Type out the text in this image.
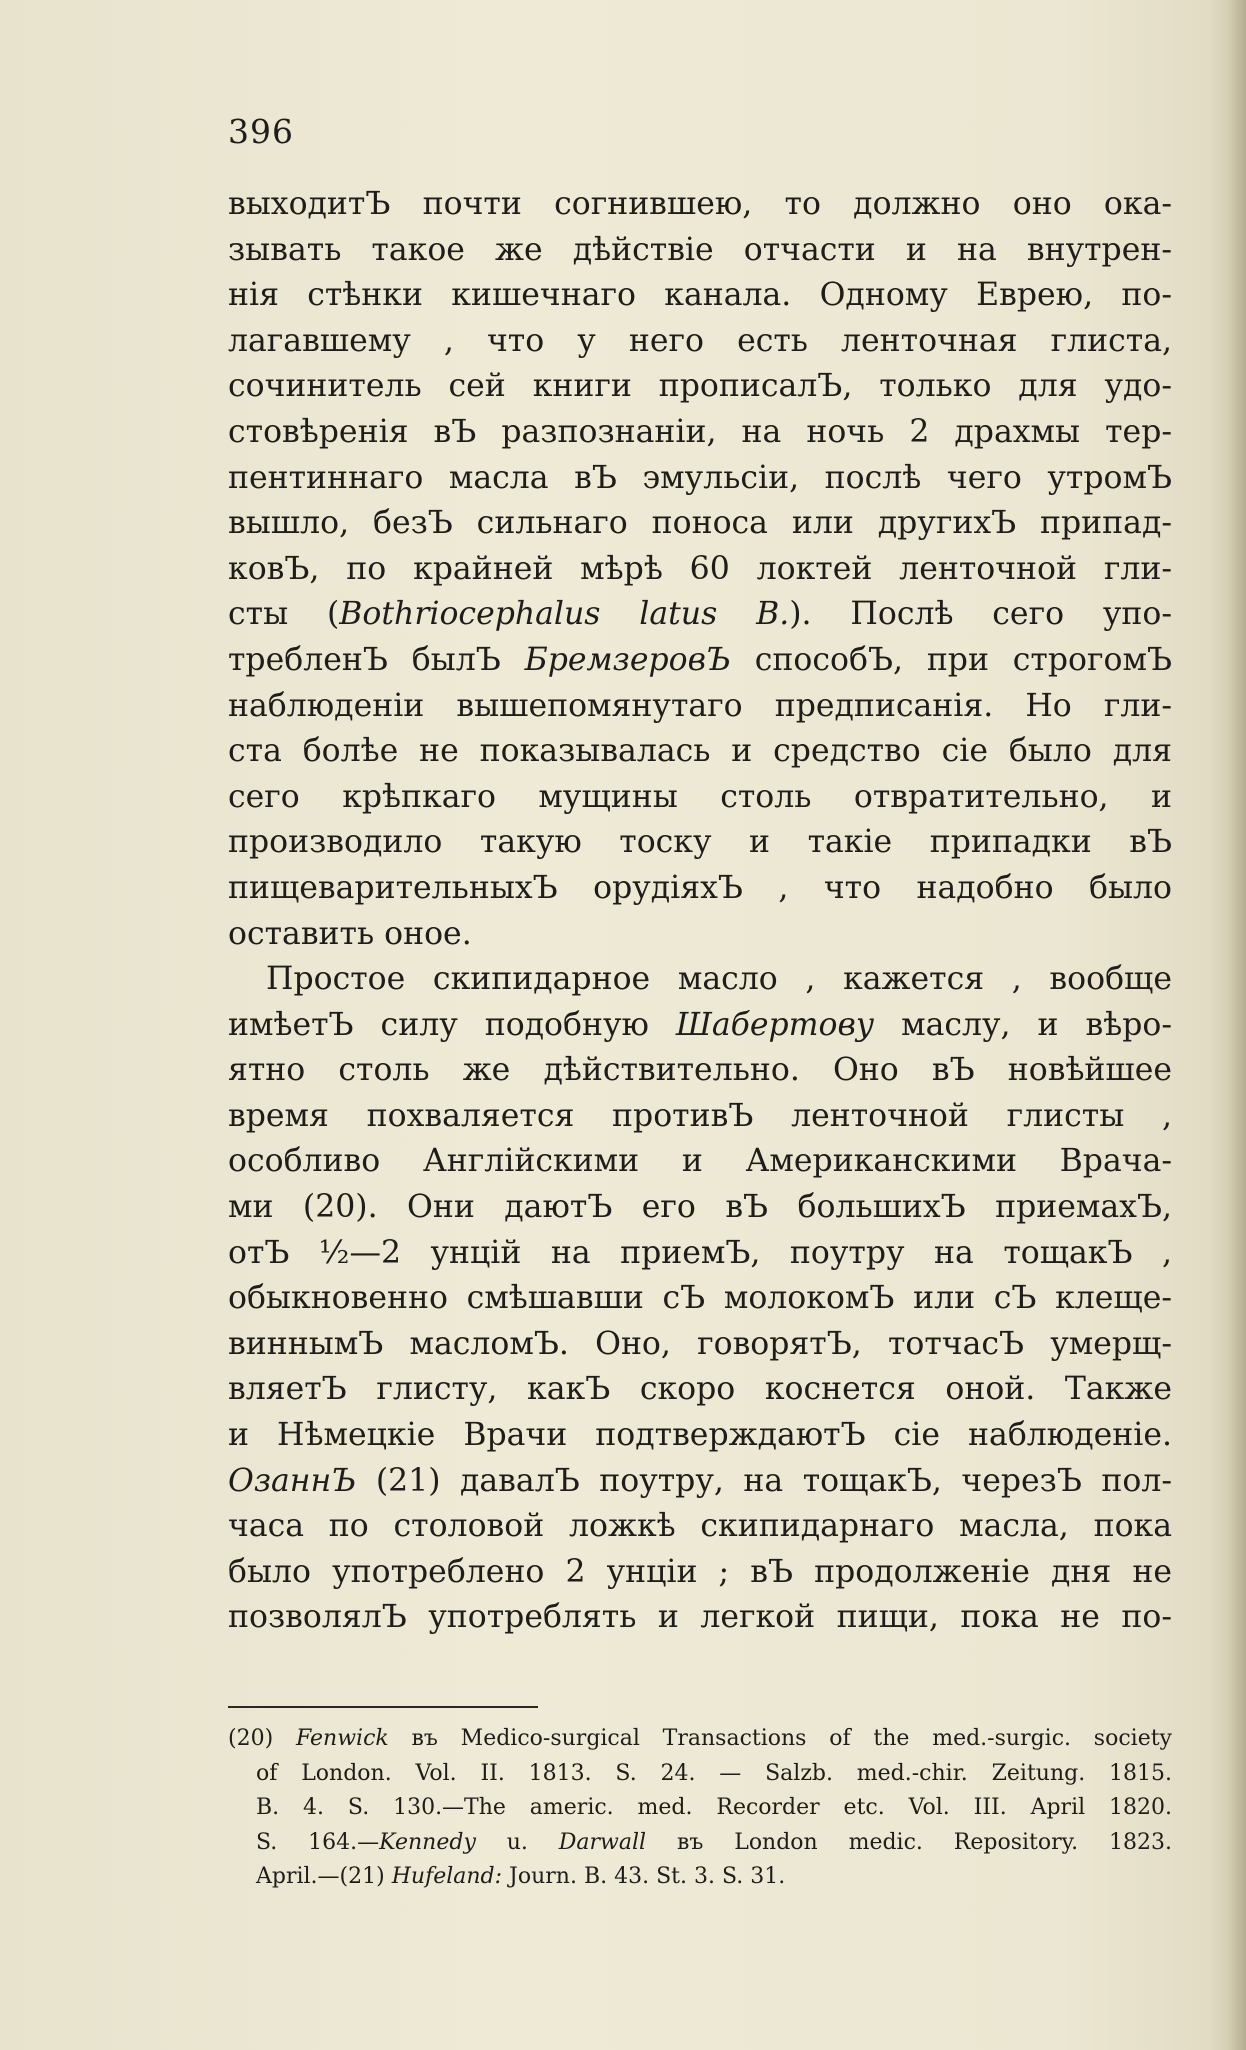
396
выходитЪ почти согнившею, то должно оно ока-
зывать такое же дѣйствіе отчасти и на внутрен-
нія стѣнки кишечнаго канала. Одному Еврею, по-
лагавшему , что у него есть ленточная глиста,
сочинитель сей книги прописалЪ, только для удо-
стовѣренія вЪ разпознаніи, на ночь 2 драхмы тер-
пентиннаго масла вЪ эмульсіи, послѣ чего утромЪ
вышло, безЪ сильнаго поноса или другихЪ припад-
ковЪ, по крайней мѣрѣ 60 локтей ленточной гли-
сты (Bothriocephalus latus B.). Послѣ сего упо-
требленЪ былЪ БремзеровЪ способЪ, при строгомЪ
наблюденіи вышепомянутаго предписанія. Но гли-
ста болѣе не показывалась и средство сіе было для
сего крѣпкаго мущины столь отвратительно, и
производило такую тоску и такіе припадки вЪ
пищеварительныхЪ орудіяхЪ , что надобно было
оставить оное.
Простое скипидарное масло , кажется , вообще
имѣетЪ силу подобную Шабертову маслу, и вѣро-
ятно столь же дѣйствительно. Оно вЪ новѣйшее
время похваляется противЪ ленточной глисты ,
особливо Англійскими и Американскими Врача-
ми (20). Они даютЪ его вЪ большихЪ приемахЪ,
отЪ ½—2 унцій на приемЪ, поутру на тощакЪ ,
обыкновенно смѣшавши сЪ молокомЪ или сЪ клеще-
виннымЪ масломЪ. Оно, говорятЪ, тотчасЪ умерщ-
вляетЪ глисту, какЪ скоро коснется оной. Также
и Нѣмецкіе Врачи подтверждаютЪ сіе наблюденіе.
ОзаннЪ (21) давалЪ поутру, на тощакЪ, черезЪ пол-
часа по столовой ложкѣ скипидарнаго масла, пока
было употреблено 2 унціи ; вЪ продолженіе дня не
позволялЪ употреблять и легкой пищи, пока не по-
(20) Fenwick въ Medico-surgical Transactions of the med.-surgic. society
of London. Vol. II. 1813. S. 24. — Salzb. med.-chir. Zeitung. 1815.
B. 4. S. 130.—The americ. med. Recorder etc. Vol. III. April 1820.
S. 164.—Kennedy u. Darwall въ London medic. Repository. 1823.
April.—(21) Hufeland: Journ. B. 43. St. 3. S. 31.
